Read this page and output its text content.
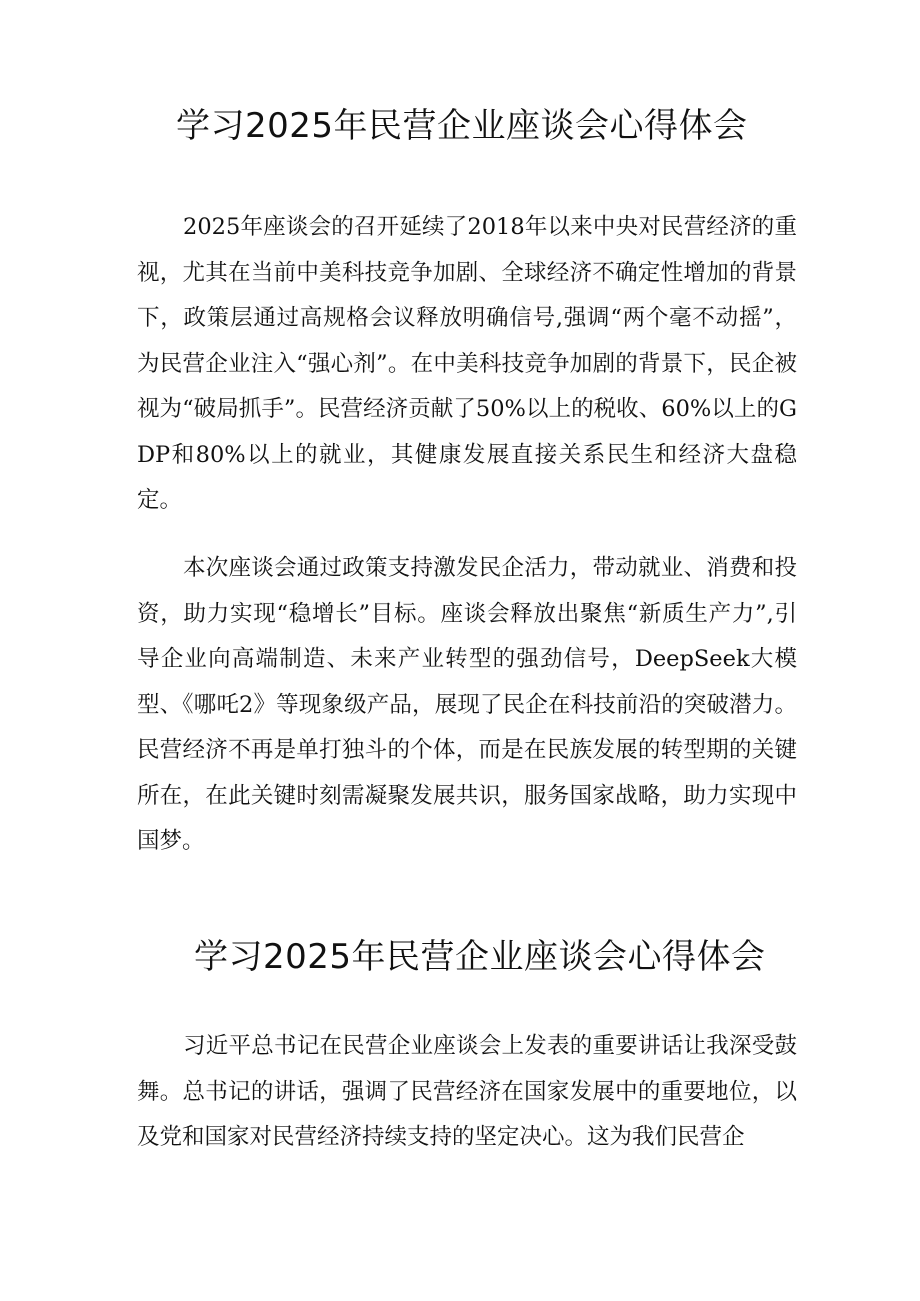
学习2025年民营企业座谈会心得体会

2025年座谈会的召开延续了2018年以来中央对民营经济的重视，尤其在当前中美科技竞争加剧、全球经济不确定性增加的背景下，政策层通过高规格会议释放明确信号,强调“两个毫不动摇”，为民营企业注入“强心剂”。在中美科技竞争加剧的背景下，民企被视为“破局抓手”。民营经济贡献了50%以上的税收、60%以上的GDP和80%以上的就业，其健康发展直接关系民生和经济大盘稳定。

本次座谈会通过政策支持激发民企活力，带动就业、消费和投资，助力实现“稳增长”目标。座谈会释放出聚焦“新质生产力”,引导企业向高端制造、未来产业转型的强劲信号，DeepSeek大模型、《哪吒2》等现象级产品，展现了民企在科技前沿的突破潜力。民营经济不再是单打独斗的个体，而是在民族发展的转型期的关键所在，在此关键时刻需凝聚发展共识，服务国家战略，助力实现中国梦。

学习2025年民营企业座谈会心得体会

习近平总书记在民营企业座谈会上发表的重要讲话让我深受鼓舞。总书记的讲话，强调了民营经济在国家发展中的重要地位，以及党和国家对民营经济持续支持的坚定决心。这为我们民营企
